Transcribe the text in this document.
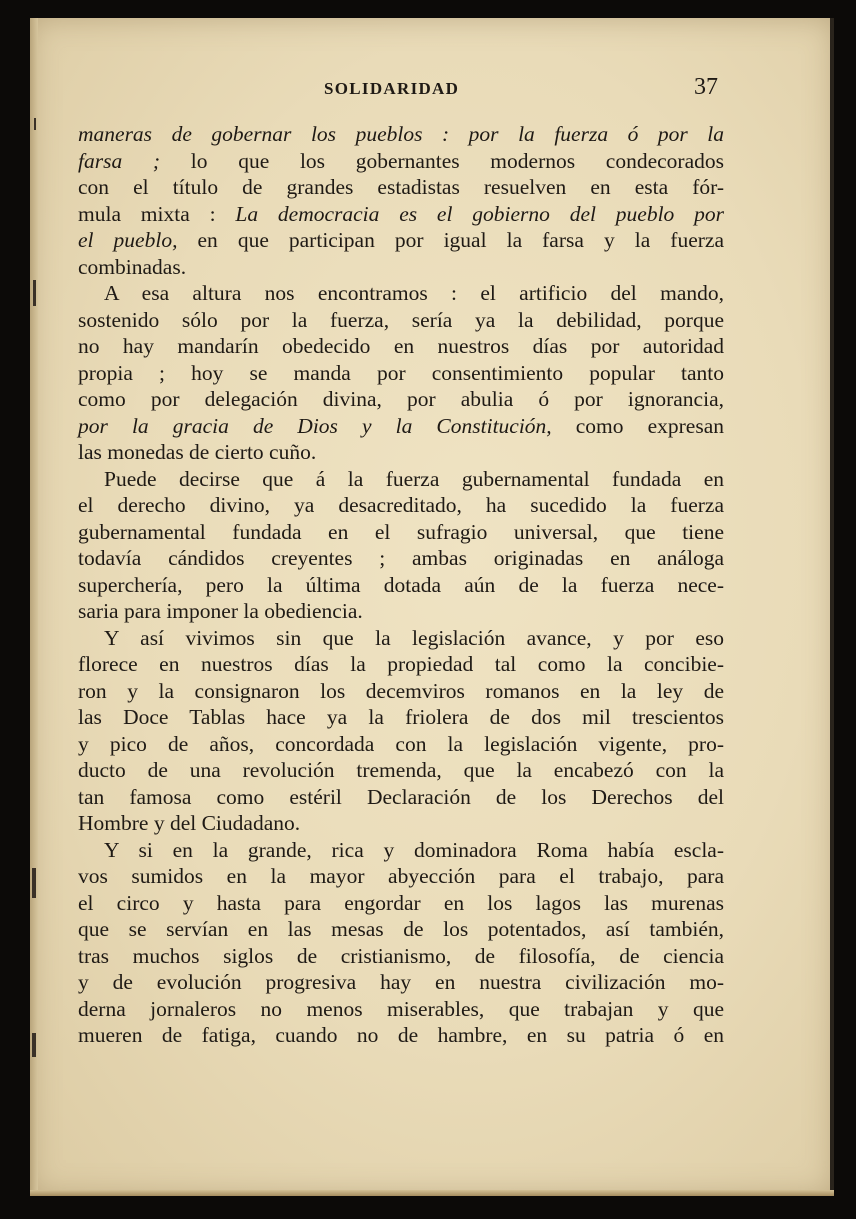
SOLIDARIDAD	37
maneras de gobernar los pueblos : por la fuerza ó por la
farsa ; lo que los gobernantes modernos condecorados
con el título de grandes estadistas resuelven en esta fór-
mula mixta : La democracia es el gobierno del pueblo por
el pueblo, en que participan por igual la farsa y la fuerza
combinadas.
A esa altura nos encontramos : el artificio del mando,
sostenido sólo por la fuerza, sería ya la debilidad, porque
no hay mandarín obedecido en nuestros días por autoridad
propia ; hoy se manda por consentimiento popular tanto
como por delegación divina, por abulia ó por ignorancia,
por la gracia de Dios y la Constitución, como expresan
las monedas de cierto cuño.
Puede decirse que á la fuerza gubernamental fundada en
el derecho divino, ya desacreditado, ha sucedido la fuerza
gubernamental fundada en el sufragio universal, que tiene
todavía cándidos creyentes ; ambas originadas en análoga
superchería, pero la última dotada aún de la fuerza nece-
saria para imponer la obediencia.
Y así vivimos sin que la legislación avance, y por eso
florece en nuestros días la propiedad tal como la concibie-
ron y la consignaron los decemviros romanos en la ley de
las Doce Tablas hace ya la friolera de dos mil trescientos
y pico de años, concordada con la legislación vigente, pro-
ducto de una revolución tremenda, que la encabezó con la
tan famosa como estéril Declaración de los Derechos del
Hombre y del Ciudadano.
Y si en la grande, rica y dominadora Roma había escla-
vos sumidos en la mayor abyección para el trabajo, para
el circo y hasta para engordar en los lagos las murenas
que se servían en las mesas de los potentados, así también,
tras muchos siglos de cristianismo, de filosofía, de ciencia
y de evolución progresiva hay en nuestra civilización mo-
derna jornaleros no menos miserables, que trabajan y que
mueren de fatiga, cuando no de hambre, en su patria ó en
